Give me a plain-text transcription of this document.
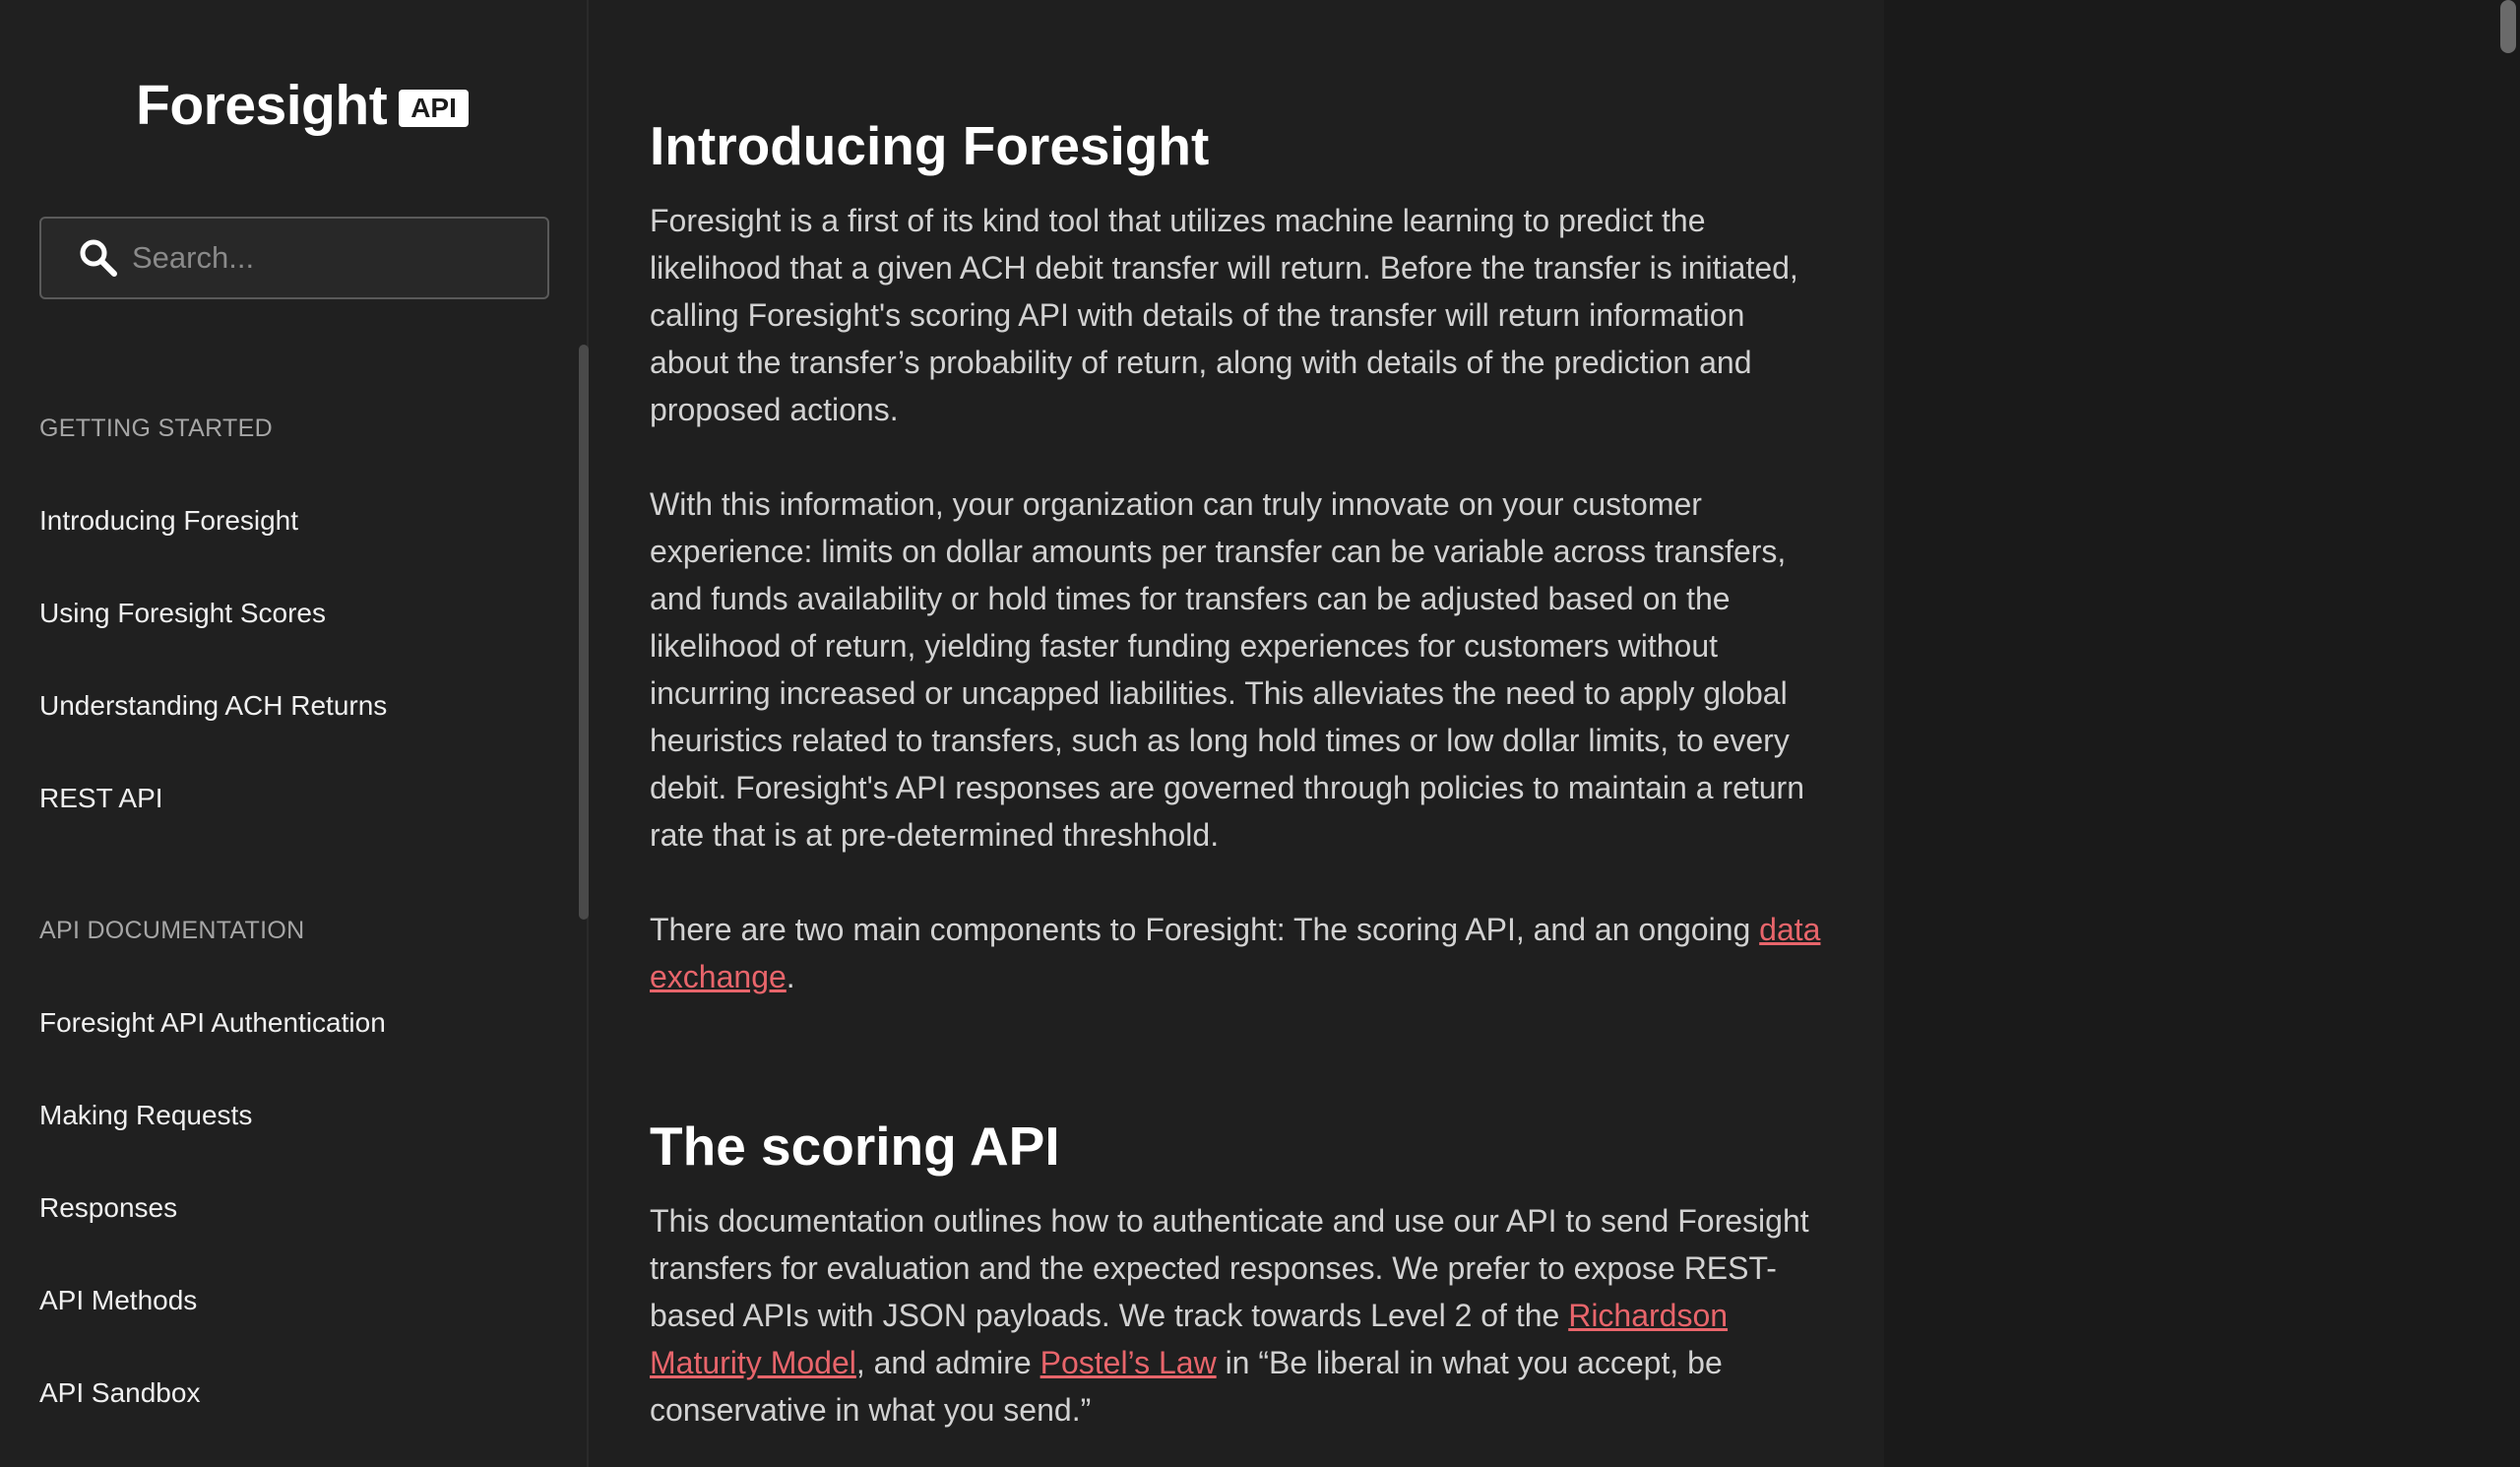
Foresight API
Search...
GETTING STARTED
Introducing Foresight
Using Foresight Scores
Understanding ACH Returns
REST API
API DOCUMENTATION
Foresight API Authentication
Making Requests
Responses
API Methods
API Sandbox
Introducing Foresight

Foresight is a first of its kind tool that utilizes machine learning to predict the likelihood that a given ACH debit transfer will return. Before the transfer is initiated, calling Foresight's scoring API with details of the transfer will return information about the transfer’s probability of return, along with details of the prediction and proposed actions.

With this information, your organization can truly innovate on your customer experience: limits on dollar amounts per transfer can be variable across transfers, and funds availability or hold times for transfers can be adjusted based on the likelihood of return, yielding faster funding experiences for customers without incurring increased or uncapped liabilities. This alleviates the need to apply global heuristics related to transfers, such as long hold times or low dollar limits, to every debit. Foresight's API responses are governed through policies to maintain a return rate that is at pre-determined threshhold.

There are two main components to Foresight: The scoring API, and an ongoing data exchange.

The scoring API

This documentation outlines how to authenticate and use our API to send Foresight transfers for evaluation and the expected responses. We prefer to expose REST-based APIs with JSON payloads. We track towards Level 2 of the Richardson Maturity Model, and admire Postel’s Law in “Be liberal in what you accept, be conservative in what you send.”
